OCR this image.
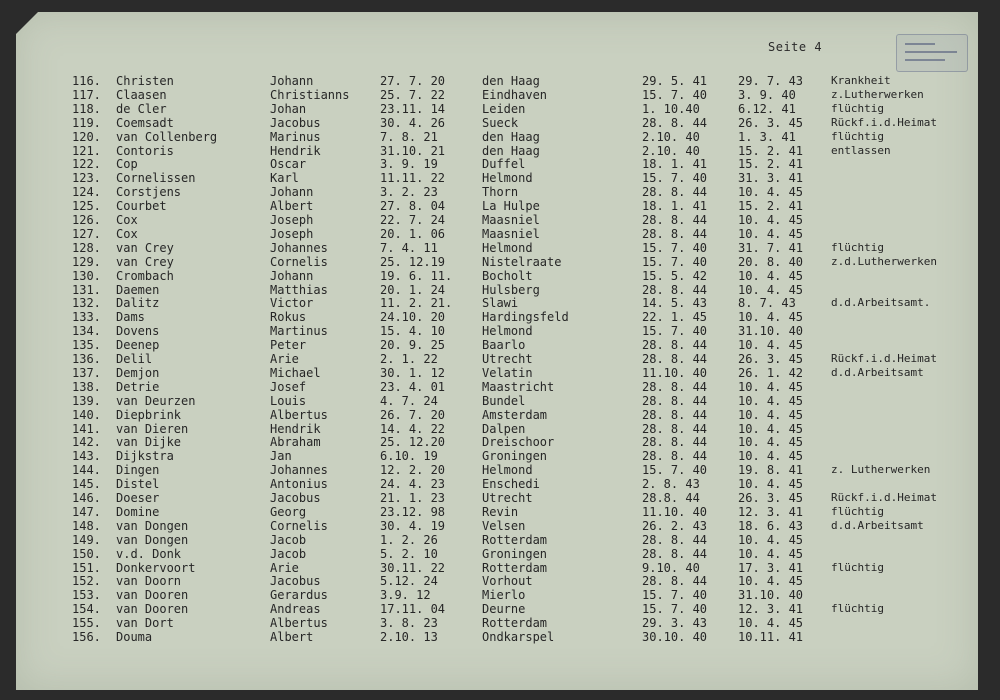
Seite 4
116.	Christen	Johann	27. 7. 20	den Haag	29. 5. 41	29. 7. 43	Krankheit
117.	Claasen	Christianns	25. 7. 22	Eindhaven	15. 7. 40	3. 9. 40	z.Lutherwerken
118.	de Cler	Johan	23.11. 14	Leiden	1. 10.40	6.12. 41	flüchtig
119.	Coemsadt	Jacobus	30. 4. 26	Sueck	28. 8. 44	26. 3. 45	Rückf.i.d.Heimat
120.	van Collenberg	Marinus	7. 8. 21	den Haag	2.10. 40	1. 3. 41	flüchtig
121.	Contoris	Hendrik	31.10. 21	den Haag	2.10. 40	15. 2. 41	entlassen
122.	Cop	Oscar	3. 9. 19	Duffel	18. 1. 41	15. 2. 41
123.	Cornelissen	Karl	11.11. 22	Helmond	15. 7. 40	31. 3. 41
124.	Corstjens	Johann	3. 2. 23	Thorn	28. 8. 44	10. 4. 45
125.	Courbet	Albert	27. 8. 04	La Hulpe	18. 1. 41	15. 2. 41
126.	Cox	Joseph	22. 7. 24	Maasniel	28. 8. 44	10. 4. 45
127.	Cox	Joseph	20. 1. 06	Maasniel	28. 8. 44	10. 4. 45
128.	van Crey	Johannes	7. 4. 11	Helmond	15. 7. 40	31. 7. 41	flüchtig
129.	van Crey	Cornelis	25. 12.19	Nistelraate	15. 7. 40	20. 8. 40	z.d.Lutherwerken
130.	Crombach	Johann	19. 6. 11.	Bocholt	15. 5. 42	10. 4. 45
131.	Daemen	Matthias	20. 1. 24	Hulsberg	28. 8. 44	10. 4. 45
132.	Dalitz	Victor	11. 2. 21.	Slawi	14. 5. 43	8. 7. 43	d.d.Arbeitsamt.
133.	Dams	Rokus	24.10. 20	Hardingsfeld	22. 1. 45	10. 4. 45
134.	Dovens	Martinus	15. 4. 10	Helmond	15. 7. 40	31.10. 40
135.	Deenep	Peter	20. 9. 25	Baarlo	28. 8. 44	10. 4. 45
136.	Delil	Arie	2. 1. 22	Utrecht	28. 8. 44	26. 3. 45	Rückf.i.d.Heimat
137.	Demjon	Michael	30. 1. 12	Velatin	11.10. 40	26. 1. 42	d.d.Arbeitsamt
138.	Detrie	Josef	23. 4. 01	Maastricht	28. 8. 44	10. 4. 45
139.	van Deurzen	Louis	4. 7. 24	Bundel	28. 8. 44	10. 4. 45
140.	Diepbrink	Albertus	26. 7. 20	Amsterdam	28. 8. 44	10. 4. 45
141.	van Dieren	Hendrik	14. 4. 22	Dalpen	28. 8. 44	10. 4. 45
142.	van Dijke	Abraham	25. 12.20	Dreischoor	28. 8. 44	10. 4. 45
143.	Dijkstra	Jan	6.10. 19	Groningen	28. 8. 44	10. 4. 45
144.	Dingen	Johannes	12. 2. 20	Helmond	15. 7. 40	19. 8. 41	z. Lutherwerken
145.	Distel	Antonius	24. 4. 23	Enschedi	2. 8. 43	10. 4. 45
146.	Doeser	Jacobus	21. 1. 23	Utrecht	28.8. 44	26. 3. 45	Rückf.i.d.Heimat
147.	Domine	Georg	23.12. 98	Revin	11.10. 40	12. 3. 41	flüchtig
148.	van Dongen	Cornelis	30. 4. 19	Velsen	26. 2. 43	18. 6. 43	d.d.Arbeitsamt
149.	van Dongen	Jacob	1. 2. 26	Rotterdam	28. 8. 44	10. 4. 45
150.	v.d. Donk	Jacob	5. 2. 10	Groningen	28. 8. 44	10. 4. 45
151.	Donkervoort	Arie	30.11. 22	Rotterdam	9.10. 40	17. 3. 41	flüchtig
152.	van Doorn	Jacobus	5.12. 24	Vorhout	28. 8. 44	10. 4. 45
153.	van Dooren	Gerardus	3.9. 12	Mierlo	15. 7. 40	31.10. 40
154.	van Dooren	Andreas	17.11. 04	Deurne	15. 7. 40	12. 3. 41	flüchtig
155.	van Dort	Albertus	3. 8. 23	Rotterdam	29. 3. 43	10. 4. 45
156.	Douma	Albert	2.10. 13	Ondkarspel	30.10. 40	10.11. 41
